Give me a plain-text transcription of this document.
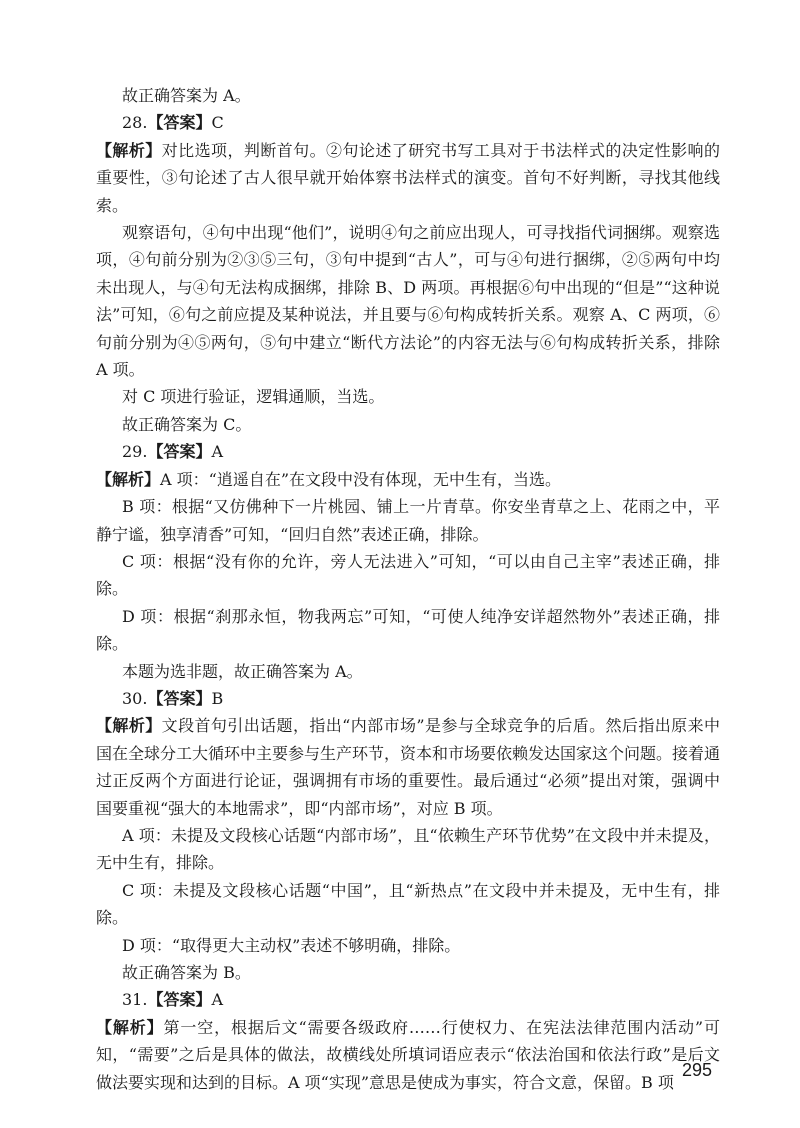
故正确答案为 A。

28.【答案】C

【解析】对比选项，判断首句。②句论述了研究书写工具对于书法样式的决定性影响的重要性，③句论述了古人很早就开始体察书法样式的演变。首句不好判断，寻找其他线索。

观察语句，④句中出现“他们”，说明④句之前应出现人，可寻找指代词捆绑。观察选项，④句前分别为②③⑤三句，③句中提到“古人”，可与④句进行捆绑，②⑤两句中均未出现人，与④句无法构成捆绑，排除 B、D 两项。再根据⑥句中出现的“但是”“这种说法”可知，⑥句之前应提及某种说法，并且要与⑥句构成转折关系。观察 A、C 两项，⑥句前分别为④⑤两句，⑤句中建立“断代方法论”的内容无法与⑥句构成转折关系，排除 A 项。

对 C 项进行验证，逻辑通顺，当选。

故正确答案为 C。

29.【答案】A

【解析】A 项：“逍遥自在”在文段中没有体现，无中生有，当选。

B 项：根据“又仿佛种下一片桃园、铺上一片青草。你安坐青草之上、花雨之中，平静宁谧，独享清香”可知，“回归自然”表述正确，排除。

C 项：根据“没有你的允许，旁人无法进入”可知，“可以由自己主宰”表述正确，排除。

D 项：根据“刹那永恒，物我两忘”可知，“可使人纯净安详超然物外”表述正确，排除。

本题为选非题，故正确答案为 A。

30.【答案】B

【解析】文段首句引出话题，指出“内部市场”是参与全球竞争的后盾。然后指出原来中国在全球分工大循环中主要参与生产环节，资本和市场要依赖发达国家这个问题。接着通过正反两个方面进行论证，强调拥有市场的重要性。最后通过“必须”提出对策，强调中国要重视“强大的本地需求”，即“内部市场”，对应 B 项。

A 项：未提及文段核心话题“内部市场”，且“依赖生产环节优势”在文段中并未提及，无中生有，排除。

C 项：未提及文段核心话题“中国”，且“新热点”在文段中并未提及，无中生有，排除。

D 项：“取得更大主动权”表述不够明确，排除。

故正确答案为 B。

31.【答案】A

【解析】第一空，根据后文“需要各级政府……行使权力、在宪法法律范围内活动”可知，“需要”之后是具体的做法，故横线处所填词语应表示“依法治国和依法行政”是后文做法要实现和达到的目标。A 项“实现”意思是使成为事实，符合文意，保留。B 项

295
